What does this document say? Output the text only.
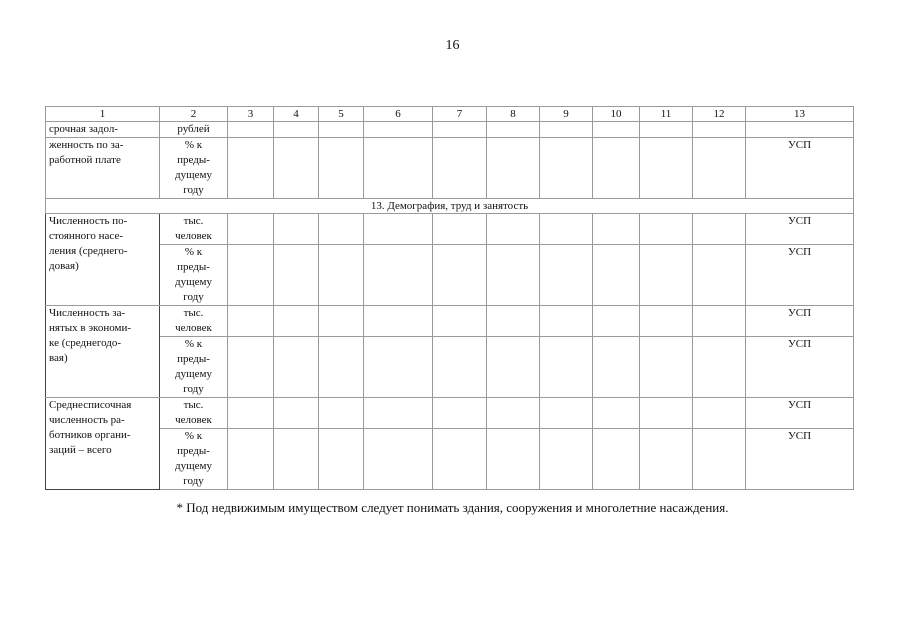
16
1	2	3	4	5	6	7	8	9	10	11	12	13
срочная задол-	рублей											
женность по за-
работной плате	% к
преды-
дущему
году											УСП
13. Демография, труд и занятость												
Численность по-
стоянного насе-
ления (среднего-
довая)	тыс.
человек											УСП
	% к
преды-
дущему
году											УСП
Численность за-
нятых в экономи-
ке (среднегодо-
вая)	тыс.
человек											УСП
	% к
преды-
дущему
году											УСП
Среднесписочная
численность ра-
ботников органи-
заций – всего	тыс.
человек											УСП
	% к
преды-
дущему
году											УСП
* Под недвижимым имуществом следует понимать здания, сооружения и многолетние насаждения.
